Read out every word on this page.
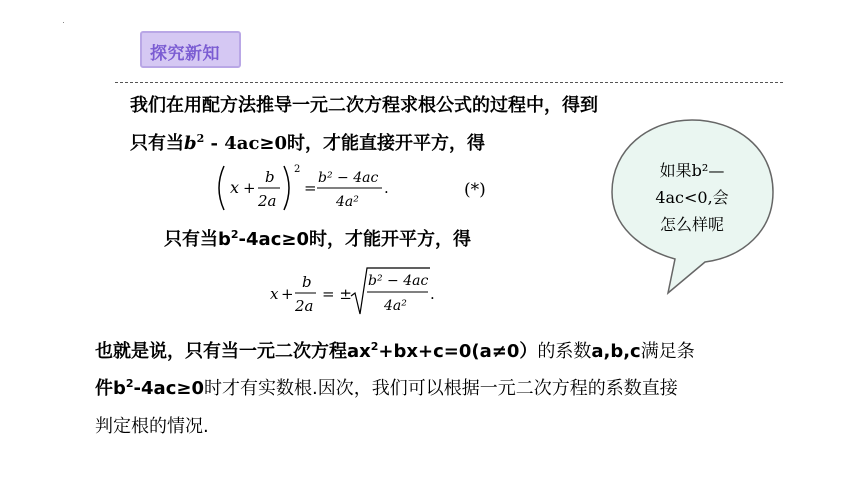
探究新知
我们在用配方法推导一元二次方程求根公式的过程中，得到
只有当$b^2 - 4ac\ge 0$时，才能直接开平方，得
x +
b
2a
2
=
b² − 4ac
4a²
.	(*)
只有当$b^2-4ac\ge 0$时，才能开平方，得
x +
b
2a
= ±
b² − 4ac
4a²
.
如果b²—
4ac<0,会
怎么样呢
也就是说，只有当一元二次方程$ax^2+bx+c=0(a\ne 0)$的系数a,b,c满足条
件$b^2-4ac\ge 0$时才有实数根.因次，我们可以根据一元二次方程的系数直接
判定根的情况.
